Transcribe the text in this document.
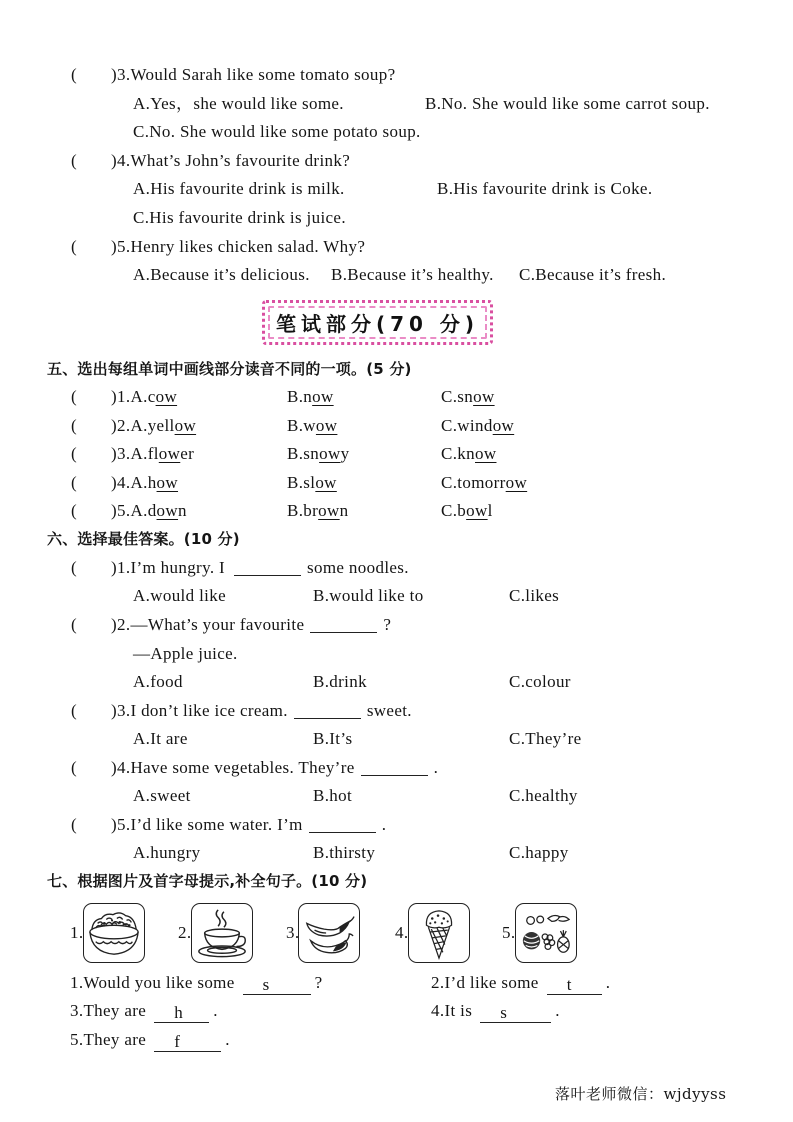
( )3.Would Sarah like some tomato soup?
A.Yes，she would like some.	B.No. She would like some carrot soup.
C.No. She would like some potato soup.
( )4.What’s John’s favourite drink?
A.His favourite drink is milk.	B.His favourite drink is Coke.
C.His favourite drink is juice.
( )5.Henry likes chicken salad. Why?
A.Because it’s delicious. B.Because it’s healthy. C.Because it’s fresh.
笔试部分(70 分)
五、选出每组单词中画线部分读音不同的一项。(5 分)
( )1.A.cow	B.now	C.snow
( )2.A.yellow	B.wow	C.window
( )3.A.flower	B.snowy	C.know
( )4.A.how	B.slow	C.tomorrow
( )5.A.down	B.brown	C.bowl
六、选择最佳答案。(10 分)
( )1.I’m hungry. I	some noodles.
A.would like	B.would like to	C.likes
( )2.—What’s your favourite	?
—Apple juice.
A.food	B.drink	C.colour
( )3.I don’t like ice cream.	sweet.
A.It are	B.It’s	C.They’re
( )4.Have some vegetables. They’re	.
A.sweet	B.hot	C.healthy
( )5.I’d like some water. I’m	.
A.hungry	B.thirsty	C.happy
七、根据图片及首字母提示,补全句子。(10 分)
1.	2.	3.	4.	5.
1.Would you like some s	?	2.I’d like some t .
3.They are h .	4.It is s	.
5.They are f	.
落叶老师微信：wjdyyss
